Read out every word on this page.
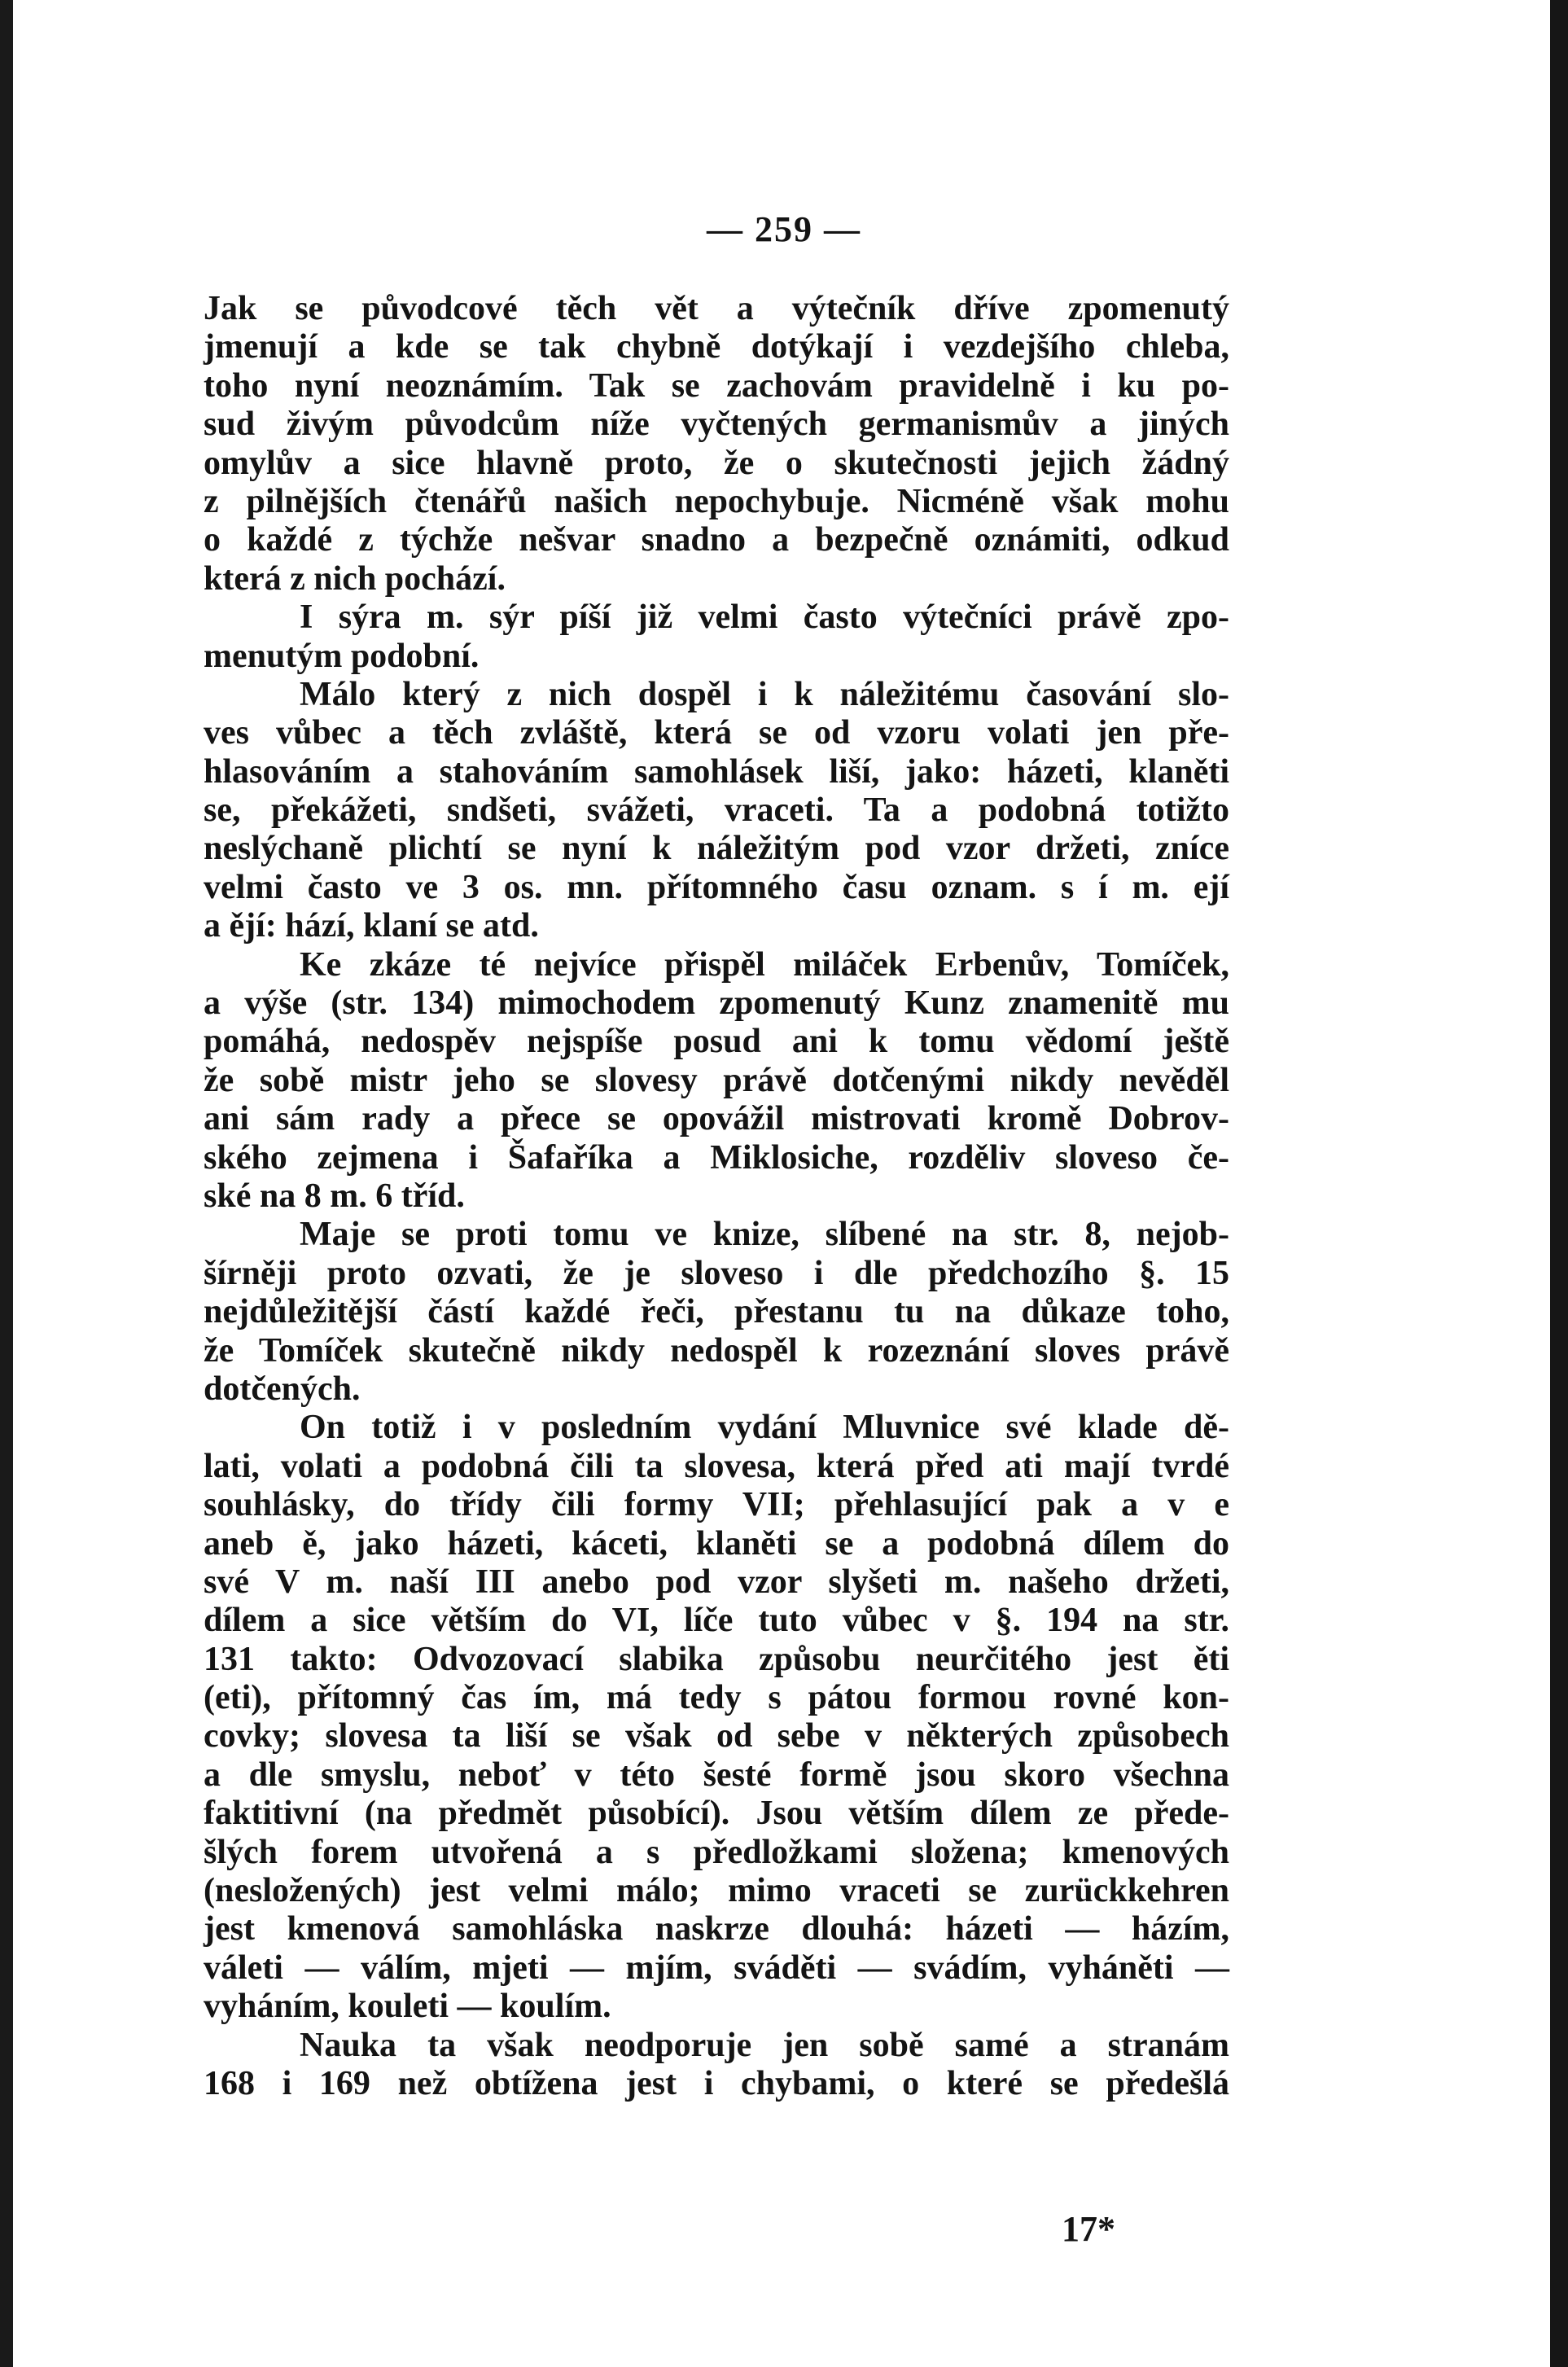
— 259 —
Jak se původcové těch vět a výtečník dříve zpomenutý
jmenují a kde se tak chybně dotýkají i vezdejšího chleba,
toho nyní neoznámím. Tak se zachovám pravidelně i ku po-
sud živým původcům níže vyčtených germanismův a jiných
omylův a sice hlavně proto, že o skutečnosti jejich žádný
z pilnějších čtenářů našich nepochybuje. Nicméně však mohu
o každé z týchže nešvar snadno a bezpečně oznámiti, odkud
která z nich pochází.
I sýra m. sýr píší již velmi často výtečníci právě zpo-
menutým podobní.
Málo který z nich dospěl i k náležitému časování slo-
ves vůbec a těch zvláště, která se od vzoru volati jen pře-
hlasováním a stahováním samohlásek liší, jako: házeti, klaněti
se, překážeti, sndšeti, svážeti, vraceti. Ta a podobná totižto
neslýchaně plichtí se nyní k náležitým pod vzor držeti, zníce
velmi často ve 3 os. mn. přítomného času oznam. s í m. ejí
a ějí: hází, klaní se atd.
Ke zkáze té nejvíce přispěl miláček Erbenův, Tomíček,
a výše (str. 134) mimochodem zpomenutý Kunz znamenitě mu
pomáhá, nedospěv nejspíše posud ani k tomu vědomí ještě
že sobě mistr jeho se slovesy právě dotčenými nikdy nevěděl
ani sám rady a přece se opovážil mistrovati kromě Dobrov-
ského zejmena i Šafaříka a Miklosiche, rozděliv sloveso če-
ské na 8 m. 6 tříd.
Maje se proti tomu ve knize, slíbené na str. 8, nejob-
šírněji proto ozvati, že je sloveso i dle předchozího §. 15
nejdůležitější částí každé řeči, přestanu tu na důkaze toho,
že Tomíček skutečně nikdy nedospěl k rozeznání sloves právě
dotčených.
On totiž i v posledním vydání Mluvnice své klade dě-
lati, volati a podobná čili ta slovesa, která před ati mají tvrdé
souhlásky, do třídy čili formy VII; přehlasující pak a v e
aneb ě, jako házeti, káceti, klaněti se a podobná dílem do
své V m. naší III anebo pod vzor slyšeti m. našeho držeti,
dílem a sice větším do VI, líče tuto vůbec v §. 194 na str.
131 takto: Odvozovací slabika způsobu neurčitého jest ěti
(eti), přítomný čas ím, má tedy s pátou formou rovné kon-
covky; slovesa ta liší se však od sebe v některých způsobech
a dle smyslu, neboť v této šesté formě jsou skoro všechna
faktitivní (na předmět působící). Jsou větším dílem ze přede-
šlých forem utvořená a s předložkami složena; kmenových
(nesložených) jest velmi málo; mimo vraceti se zurückkehren
jest kmenová samohláska naskrze dlouhá: házeti — házím,
váleti — válím, mjeti — mjím, sváděti — svádím, vyháněti —
vyháním, kouleti — koulím.
Nauka ta však neodporuje jen sobě samé a stranám
168 i 169 než obtížena jest i chybami, o které se předešlá
17*
